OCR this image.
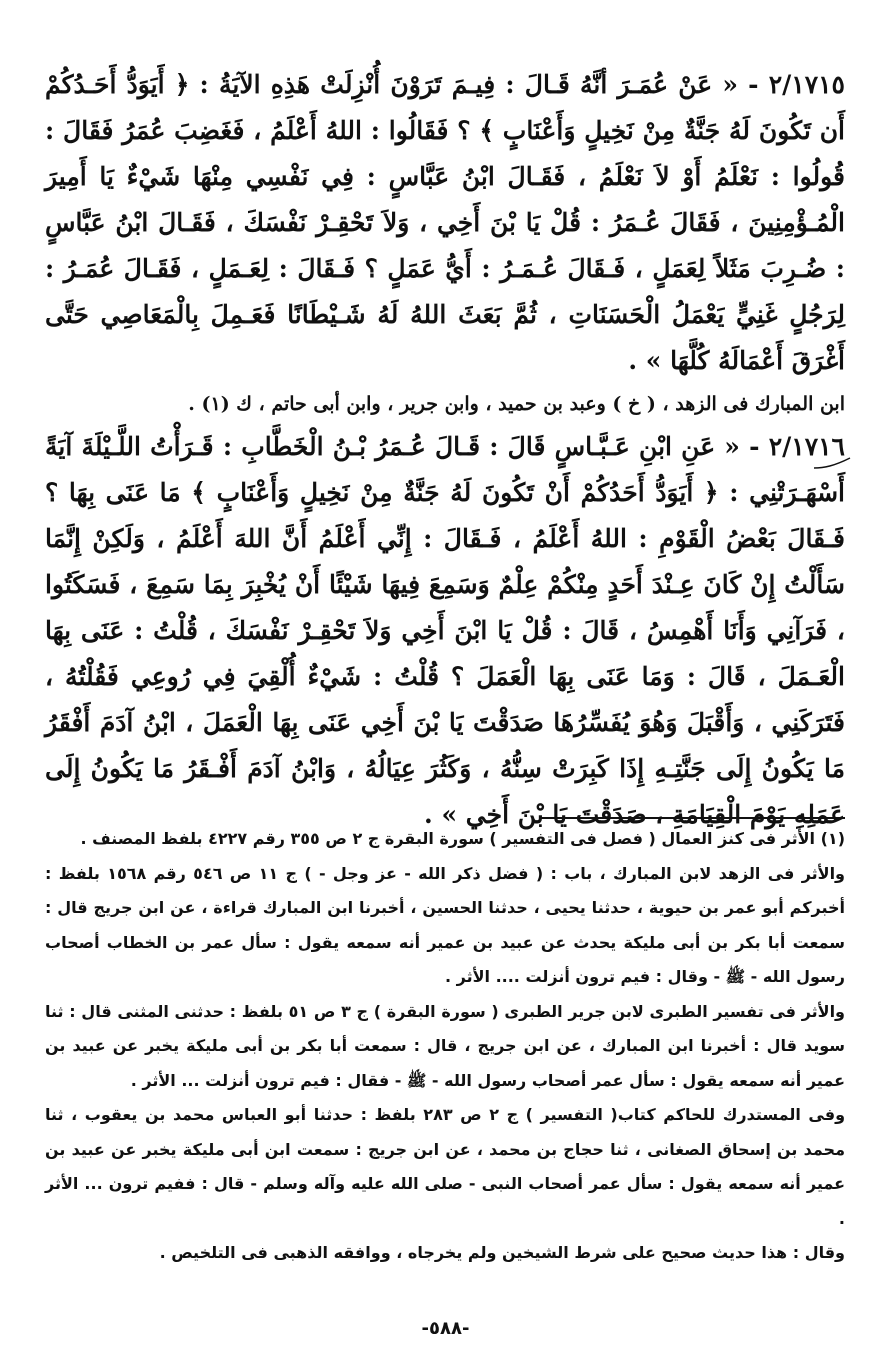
٢/١٧١٥ - « عَنْ عُمَـرَ أنَّهُ قَـالَ : فِيـمَ تَرَوْنَ أُنْزِلَتْ هَذِهِ الآيَةُ : ﴿ أَيَوَدُّ أَحَـدُكُمْ أَن تَكُونَ لَهُ جَنَّةٌ مِنْ نَخِيلٍ وَأَعْنَابٍ ﴾ ؟ فَقَالُوا : اللهُ أَعْلَمُ ، فَغَضِبَ عُمَرُ فَقَالَ : قُولُوا : نَعْلَمُ أَوْ لاَ نَعْلَمُ ، فَقَـالَ ابْنُ عَبَّاسٍ : فِي نَفْسِي مِنْهَا شَيْءٌ يَا أَمِيرَ الْمُـؤْمِنِينَ ، فَقَالَ عُـمَرُ : قُلْ يَا بْنَ أَخِي ، وَلاَ تَحْقِـرْ نَفْسَكَ ، فَقَـالَ ابْنُ عَبَّاسٍ : ضُـرِبَ مَثَلاً لِعَمَلٍ ، فَـقَالَ عُـمَـرُ : أَيُّ عَمَلٍ ؟ فَـقَالَ : لِعَـمَلٍ ، فَقَـالَ عُمَـرُ : لِرَجُلٍ غَنِيٍّ يَعْمَلُ الْحَسَنَاتِ ، ثُمَّ بَعَثَ اللهُ لَهُ شَـيْطَانًا فَعَـمِلَ بِالْمَعَاصِي حَتَّى أَغْرَقَ أَعْمَالَهُ كُلَّهَا » .

ابن المبارك فى الزهد ، ( خ ) وعبد بن حميد ، وابن جرير ، وابن أبى حاتم ، ك (١) .

٢/١٧١٦ - « عَنِ ابْنِ عَـبَّـاسٍ قَالَ : قَـالَ عُـمَرُ بْـنُ الْخَطَّابِ : قَـرَأْتُ اللَّـيْلَةَ آيَةً أَسْهَـرَتْنِي : ﴿ أَيَوَدُّ أَحَدُكُمْ أَنْ تَكُونَ لَهُ جَنَّةٌ مِنْ نَخِيلٍ وَأَعْنَابٍ ﴾ مَا عَنَى بِهَا ؟ فَـقَالَ بَعْضُ الْقَوْمِ : اللهُ أَعْلَمُ ، فَـقَالَ : إِنِّي أَعْلَمُ أَنَّ اللهَ أَعْلَمُ ، وَلَكِنْ إِنَّمَا سَأَلْتُ إِنْ كَانَ عِـنْدَ أَحَدٍ مِنْكُمْ عِلْمٌ وَسَمِعَ فِيهَا شَيْئًا أَنْ يُخْبِرَ بِمَا سَمِعَ ، فَسَكَتُوا ، فَرَآنِي وَأَنَا أَهْمِسُ ، قَالَ : قُلْ يَا ابْنَ أَخِي وَلاَ تَحْقِـرْ نَفْسَكَ ، قُلْتُ : عَنَى بِهَا الْعَـمَلَ ، قَالَ : وَمَا عَنَى بِهَا الْعَمَلَ ؟ قُلْتُ : شَيْءٌ أُلْقِيَ فِي رُوعِي فَقُلْتُهُ ، فَتَرَكَنِي ، وَأَقْبَلَ وَهُوَ يُفَسِّرُهَا صَدَقْتَ يَا بْنَ أَخِي عَنَى بِهَا الْعَمَلَ ، ابْنُ آدَمَ أَفْقَرُ مَا يَكُونُ إِلَى جَنَّتِـهِ إِذَا كَبِرَتْ سِنُّهُ ، وَكَثُرَ عِيَالُهُ ، وَابْنُ آدَمَ أَفْـقَرُ مَا يَكُونُ إِلَى عَمَلِهِ يَوْمَ الْقِيَامَةِ ، صَدَقْتَ يَا بْنَ أَخِي » .

(١) الأثر فى كنز العمال ( فصل فى التفسير ) سورة البقرة ج ٢ ص ٣٥٥ رقم ٤٢٢٧ بلفظ المصنف .

والأثر فى الزهد لابن المبارك ، باب : ( فضل ذكر الله - عز وجل - ) ج ١١ ص ٥٤٦ رقم ١٥٦٨ بلفظ : أخبركم أبو عمر بن حيوية ، حدثنا يحيى ، حدثنا الحسين ، أخبرنا ابن المبارك قراءة ، عن ابن جريج قال : سمعت أبا بكر بن أبى مليكة يحدث عن عبيد بن عمير أنه سمعه يقول : سأل عمر بن الخطاب أصحاب رسول الله - ﷺ - وقال : فيم ترون أنزلت .... الأثر .

والأثر فى تفسير الطبرى لابن جرير الطبرى ( سورة البقرة ) ج ٣ ص ٥١ بلفظ : حدثنى المثنى قال : ثنا سويد قال : أخبرنا ابن المبارك ، عن ابن جريج ، قال : سمعت أبا بكر بن أبى مليكة يخبر عن عبيد بن عمير أنه سمعه يقول : سأل عمر أصحاب رسول الله - ﷺ - فقال : فيم ترون أنزلت ... الأثر .

وفى المستدرك للحاكم كتاب( التفسير ) ج ٢ ص ٢٨٣ بلفظ : حدثنا أبو العباس محمد بن يعقوب ، ثنا محمد بن إسحاق الصغانى ، ثنا حجاج بن محمد ، عن ابن جريج : سمعت ابن أبى مليكة يخبر عن عبيد بن عمير أنه سمعه يقول : سأل عمر أصحاب النبى - صلى الله عليه وآله وسلم - قال : ففيم ترون ... الأثر .

وقال : هذا حديث صحيح على شرط الشيخين ولم يخرجاه ، ووافقه الذهبى فى التلخيص .

-٥٨٨-
